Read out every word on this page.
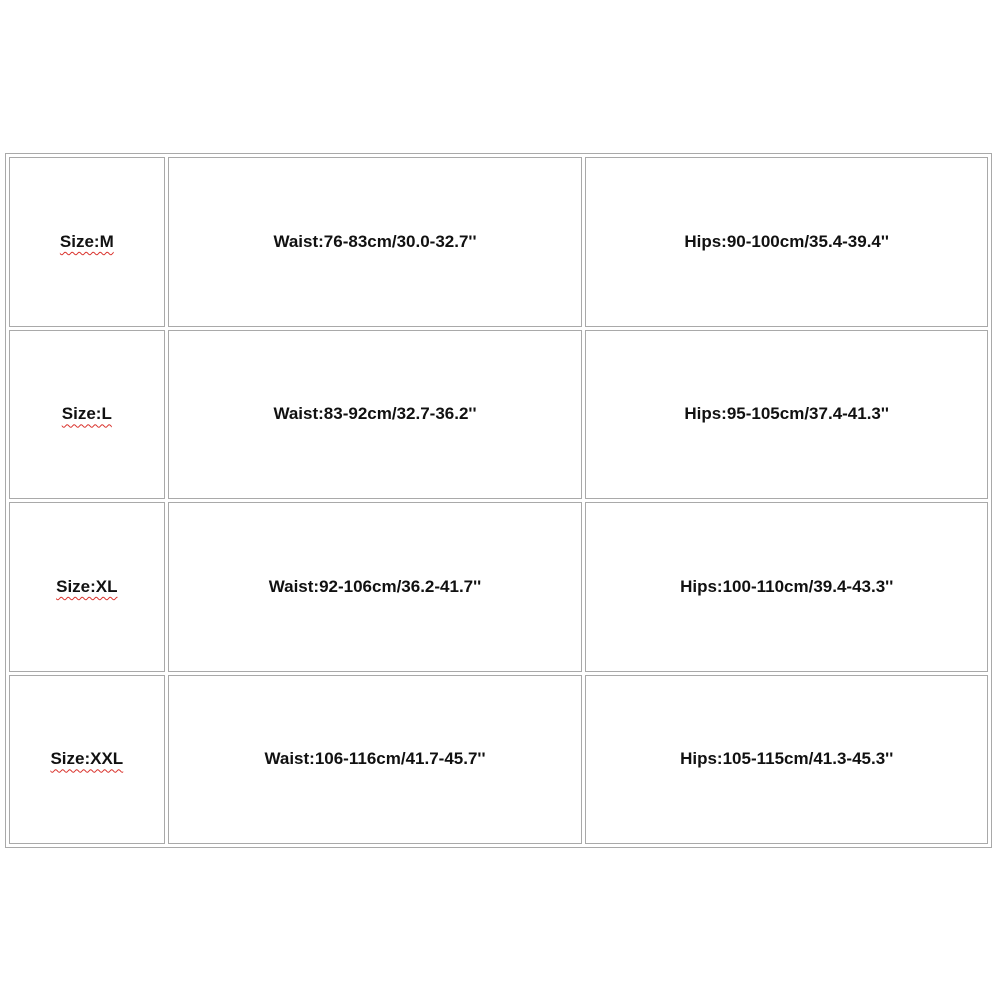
Size:M	Waist:76-83cm/30.0-32.7''	Hips:90-100cm/35.4-39.4''
Size:L	Waist:83-92cm/32.7-36.2''	Hips:95-105cm/37.4-41.3''
Size:XL	Waist:92-106cm/36.2-41.7''	Hips:100-110cm/39.4-43.3''
Size:XXL	Waist:106-116cm/41.7-45.7''	Hips:105-115cm/41.3-45.3''
